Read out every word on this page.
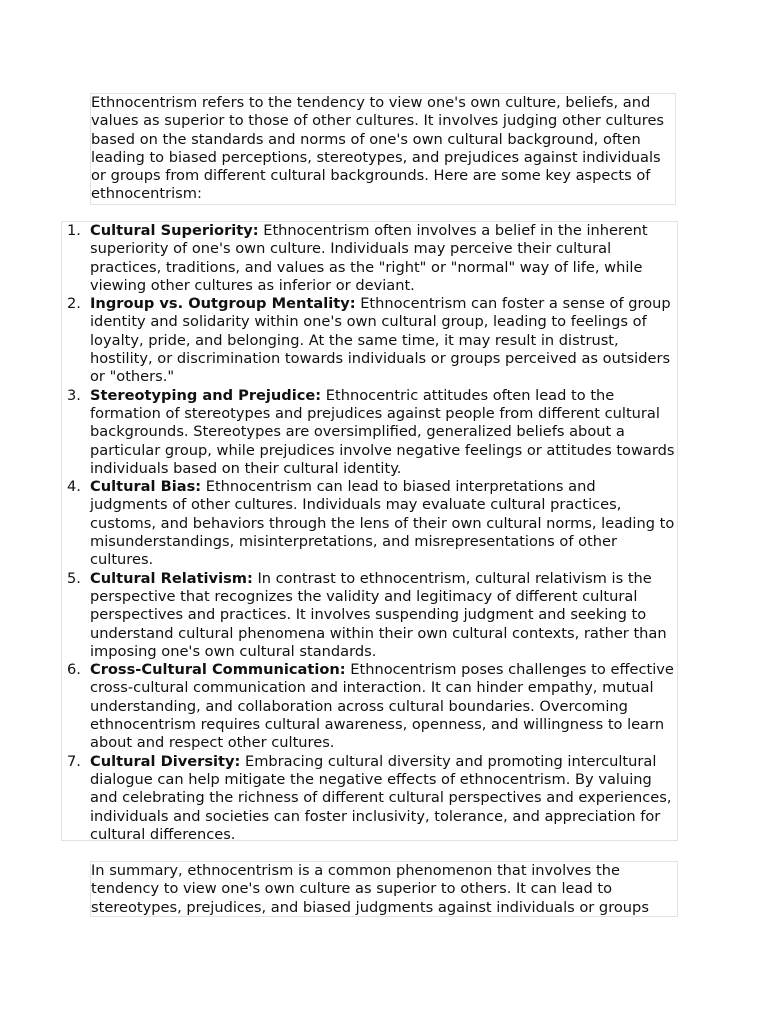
Ethnocentrism refers to the tendency to view one's own culture, beliefs, and values as superior to those of other cultures. It involves judging other cultures based on the standards and norms of one's own cultural background, often leading to biased perceptions, stereotypes, and prejudices against individuals or groups from different cultural backgrounds. Here are some key aspects of ethnocentrism:

1. Cultural Superiority: Ethnocentrism often involves a belief in the inherent superiority of one's own culture. Individuals may perceive their cultural practices, traditions, and values as the "right" or "normal" way of life, while viewing other cultures as inferior or deviant.
2. Ingroup vs. Outgroup Mentality: Ethnocentrism can foster a sense of group identity and solidarity within one's own cultural group, leading to feelings of loyalty, pride, and belonging. At the same time, it may result in distrust, hostility, or discrimination towards individuals or groups perceived as outsiders or "others."
3. Stereotyping and Prejudice: Ethnocentric attitudes often lead to the formation of stereotypes and prejudices against people from different cultural backgrounds. Stereotypes are oversimplified, generalized beliefs about a particular group, while prejudices involve negative feelings or attitudes towards individuals based on their cultural identity.
4. Cultural Bias: Ethnocentrism can lead to biased interpretations and judgments of other cultures. Individuals may evaluate cultural practices, customs, and behaviors through the lens of their own cultural norms, leading to misunderstandings, misinterpretations, and misrepresentations of other cultures.
5. Cultural Relativism: In contrast to ethnocentrism, cultural relativism is the perspective that recognizes the validity and legitimacy of different cultural perspectives and practices. It involves suspending judgment and seeking to understand cultural phenomena within their own cultural contexts, rather than imposing one's own cultural standards.
6. Cross-Cultural Communication: Ethnocentrism poses challenges to effective cross-cultural communication and interaction. It can hinder empathy, mutual understanding, and collaboration across cultural boundaries. Overcoming ethnocentrism requires cultural awareness, openness, and willingness to learn about and respect other cultures.
7. Cultural Diversity: Embracing cultural diversity and promoting intercultural dialogue can help mitigate the negative effects of ethnocentrism. By valuing and celebrating the richness of different cultural perspectives and experiences, individuals and societies can foster inclusivity, tolerance, and appreciation for cultural differences.

In summary, ethnocentrism is a common phenomenon that involves the tendency to view one's own culture as superior to others. It can lead to stereotypes, prejudices, and biased judgments against individuals or groups
